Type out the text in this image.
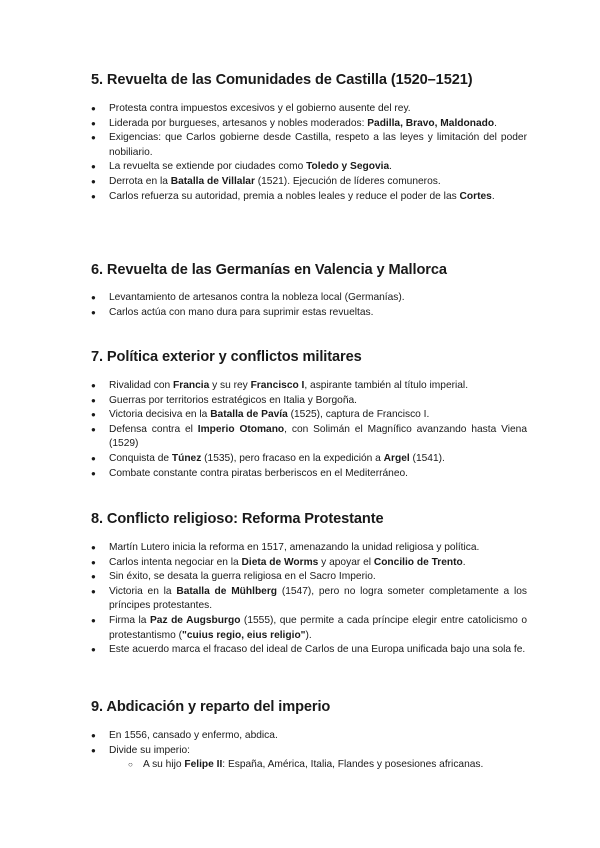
5. Revuelta de las Comunidades de Castilla (1520–1521)
● Protesta contra impuestos excesivos y el gobierno ausente del rey.
● Liderada por burgueses, artesanos y nobles moderados: Padilla, Bravo, Maldonado.
● Exigencias: que Carlos gobierne desde Castilla, respeto a las leyes y limitación del poder nobiliario.
● La revuelta se extiende por ciudades como Toledo y Segovia.
● Derrota en la Batalla de Villalar (1521). Ejecución de líderes comuneros.
● Carlos refuerza su autoridad, premia a nobles leales y reduce el poder de las Cortes.
6. Revuelta de las Germanías en Valencia y Mallorca
● Levantamiento de artesanos contra la nobleza local (Germanías).
● Carlos actúa con mano dura para suprimir estas revueltas.
7. Política exterior y conflictos militares
● Rivalidad con Francia y su rey Francisco I, aspirante también al título imperial.
● Guerras por territorios estratégicos en Italia y Borgoña.
● Victoria decisiva en la Batalla de Pavía (1525), captura de Francisco I.
● Defensa contra el Imperio Otomano, con Solimán el Magnífico avanzando hasta Viena (1529)
● Conquista de Túnez (1535), pero fracaso en la expedición a Argel (1541).
● Combate constante contra piratas berberiscos en el Mediterráneo.
8. Conflicto religioso: Reforma Protestante
● Martín Lutero inicia la reforma en 1517, amenazando la unidad religiosa y política.
● Carlos intenta negociar en la Dieta de Worms y apoyar el Concilio de Trento.
● Sin éxito, se desata la guerra religiosa en el Sacro Imperio.
● Victoria en la Batalla de Mühlberg (1547), pero no logra someter completamente a los príncipes protestantes.
● Firma la Paz de Augsburgo (1555), que permite a cada príncipe elegir entre catolicismo o protestantismo ("cuius regio, eius religio").
● Este acuerdo marca el fracaso del ideal de Carlos de una Europa unificada bajo una sola fe.
9. Abdicación y reparto del imperio
● En 1556, cansado y enfermo, abdica.
● Divide su imperio:
○ A su hijo Felipe II: España, América, Italia, Flandes y posesiones africanas.
